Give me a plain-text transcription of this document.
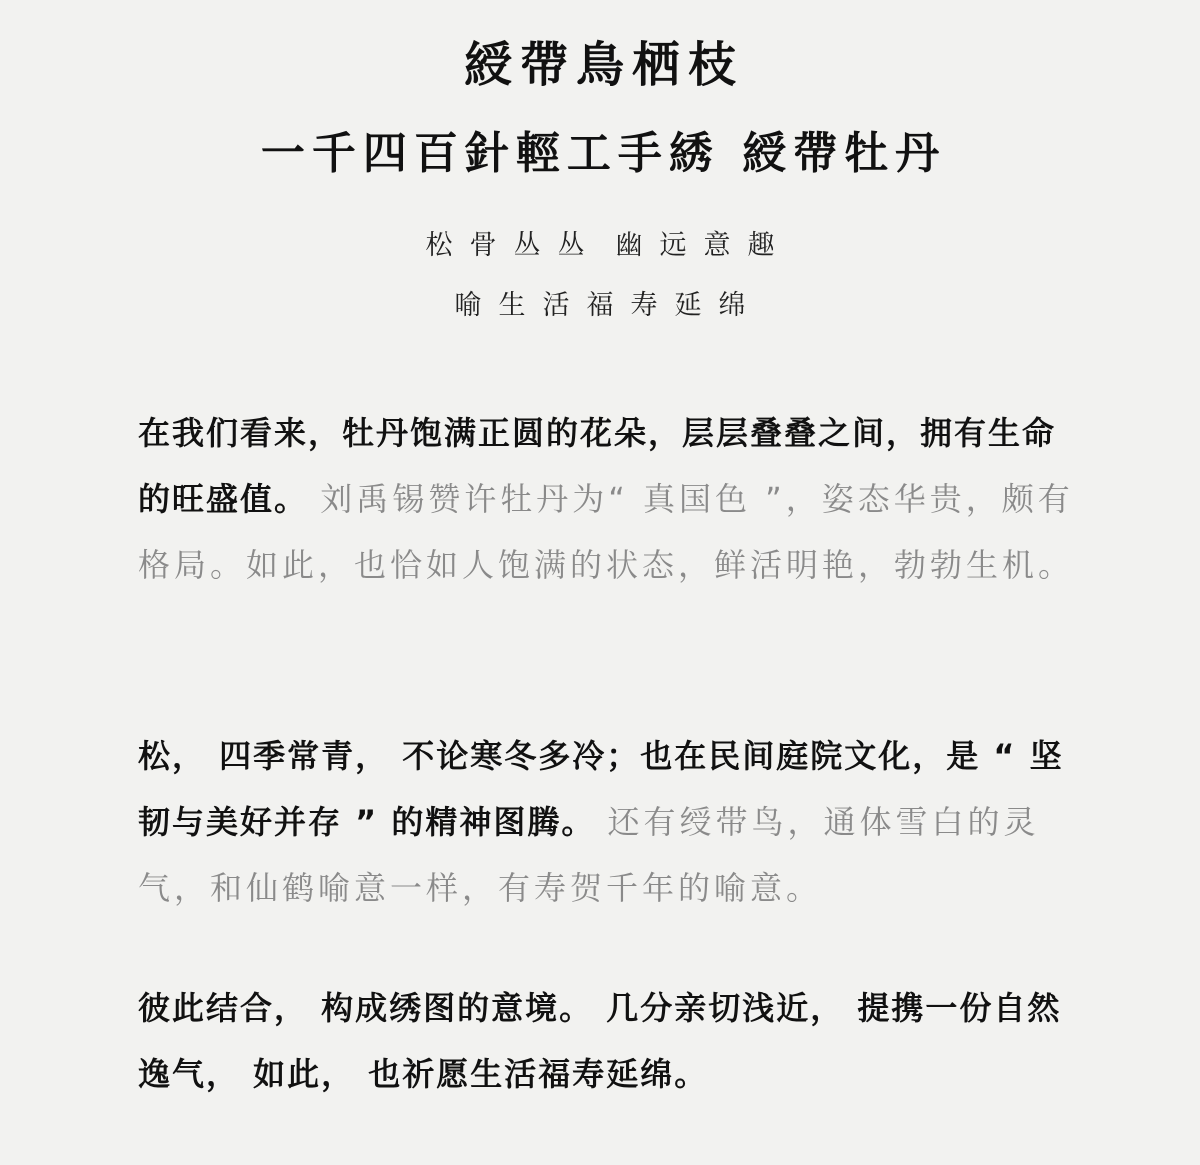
綬帶鳥栖枝
一千四百針輕工手綉 綬帶牡丹

松骨丛丛 幽远意趣

喻生活福寿延绵

在我们看来，牡丹饱满正圆的花朵，层层叠叠之间，拥有生命的旺盛值。 刘禹锡赞许牡丹为“ 真国色 ”，姿态华贵，颇有格局。如此，也恰如人饱满的状态，鲜活明艳，勃勃生机。

松， 四季常青， 不论寒冬多冷；也在民间庭院文化，是 “ 坚韧与美好并存 ” 的精神图腾。 还有绶带鸟，通体雪白的灵气，和仙鹤喻意一样，有寿贺千年的喻意。

彼此结合， 构成绣图的意境。 几分亲切浅近， 提携一份自然逸气， 如此， 也祈愿生活福寿延绵。
